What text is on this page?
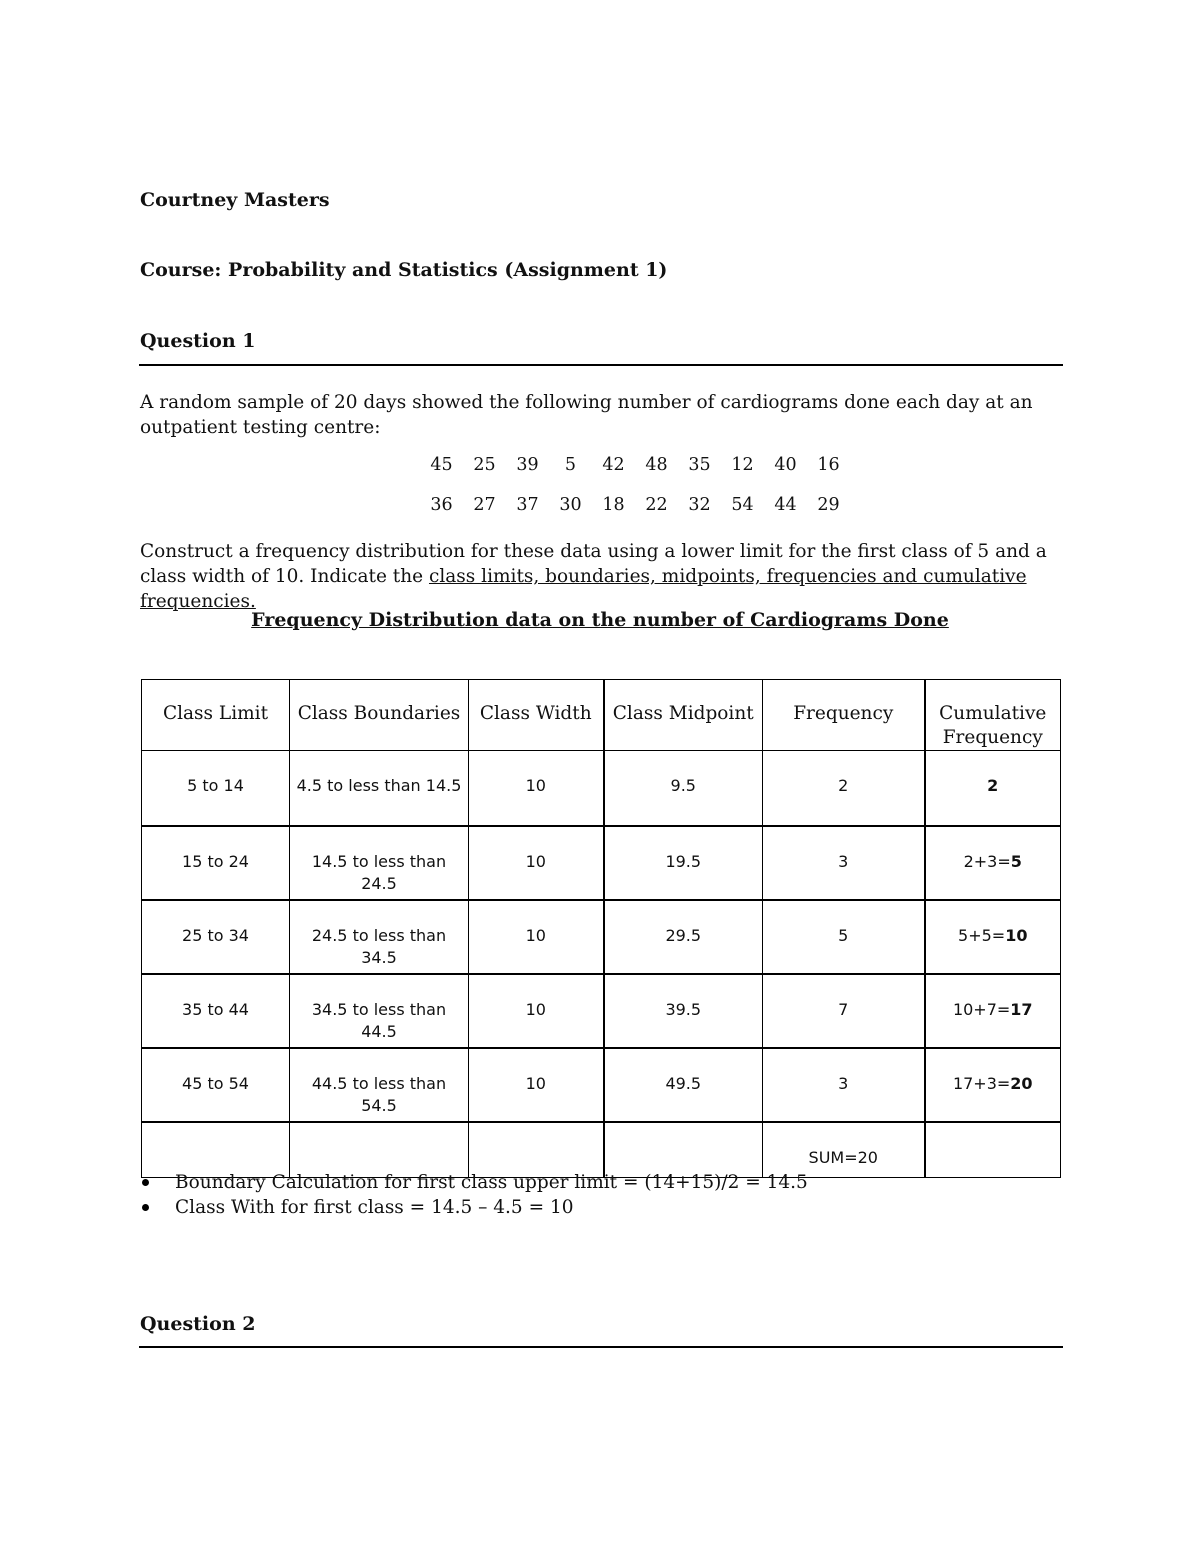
Courtney Masters
Course: Probability and Statistics (Assignment 1)
Question 1
A random sample of 20 days showed the following number of cardiograms done each day at an outpatient testing centre:
45 25 39 5 42 48 35 12 40 16
36 27 37 30 18 22 32 54 44 29
Construct a frequency distribution for these data using a lower limit for the first class of 5 and a class width of 10. Indicate the class limits, boundaries, midpoints, frequencies and cumulative frequencies.
Frequency Distribution data on the number of Cardiograms Done
Class Limit	Class Boundaries	Class Width	Class Midpoint	Frequency	Cumulative Frequency
5 to 14	4.5 to less than 14.5	10	9.5	2	2
15 to 24	14.5 to less than 24.5	10	19.5	3	2+3=5
25 to 34	24.5 to less than 34.5	10	29.5	5	5+5=10
35 to 44	34.5 to less than 44.5	10	39.5	7	10+7=17
45 to 54	44.5 to less than 54.5	10	49.5	3	17+3=20
				SUM=20	
Boundary Calculation for first class upper limit = (14+15)/2 = 14.5
Class With for first class = 14.5 – 4.5 = 10
Question 2
